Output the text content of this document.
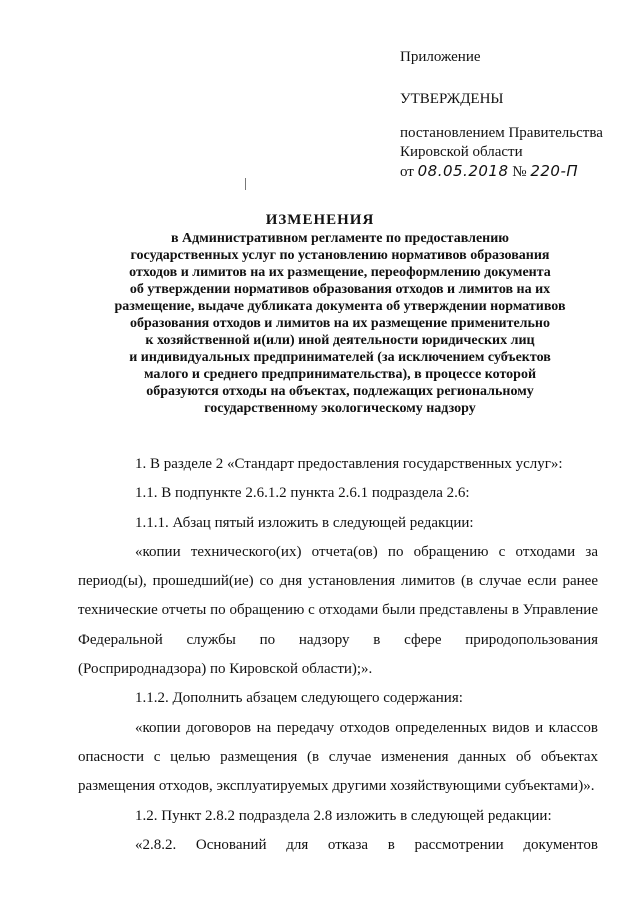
Приложение
УТВЕРЖДЕНЫ
постановлением Правительства
Кировской области
от 08.05.2018 № 220-П
ИЗМЕНЕНИЯ
в Административном регламенте по предоставлению
государственных услуг по установлению нормативов образования
отходов и лимитов на их размещение, переоформлению документа
об утверждении нормативов образования отходов и лимитов на их
размещение, выдаче дубликата документа об утверждении нормативов
образования отходов и лимитов на их размещение применительно
к хозяйственной и(или) иной деятельности юридических лиц
и индивидуальных предпринимателей (за исключением субъектов
малого и среднего предпринимательства), в процессе которой
образуются отходы на объектах, подлежащих региональному
государственному экологическому надзору
1. В разделе 2 «Стандарт предоставления государственных услуг»:
1.1. В подпункте 2.6.1.2 пункта 2.6.1 подраздела 2.6:
1.1.1. Абзац пятый изложить в следующей редакции:
«копии технического(их) отчета(ов) по обращению с отходами за период(ы), прошедший(ие) со дня установления лимитов (в случае если ранее технические отчеты по обращению с отходами были представлены в Управление Федеральной службы по надзору в сфере природопользования (Росприроднадзора) по Кировской области);».
1.1.2. Дополнить абзацем следующего содержания:
«копии договоров на передачу отходов определенных видов и классов опасности с целью размещения (в случае изменения данных об объектах размещения отходов, эксплуатируемых другими хозяйствующими субъектами)».
1.2. Пункт 2.8.2 подраздела 2.8 изложить в следующей редакции:
«2.8.2. Оснований для отказа в рассмотрении документов
